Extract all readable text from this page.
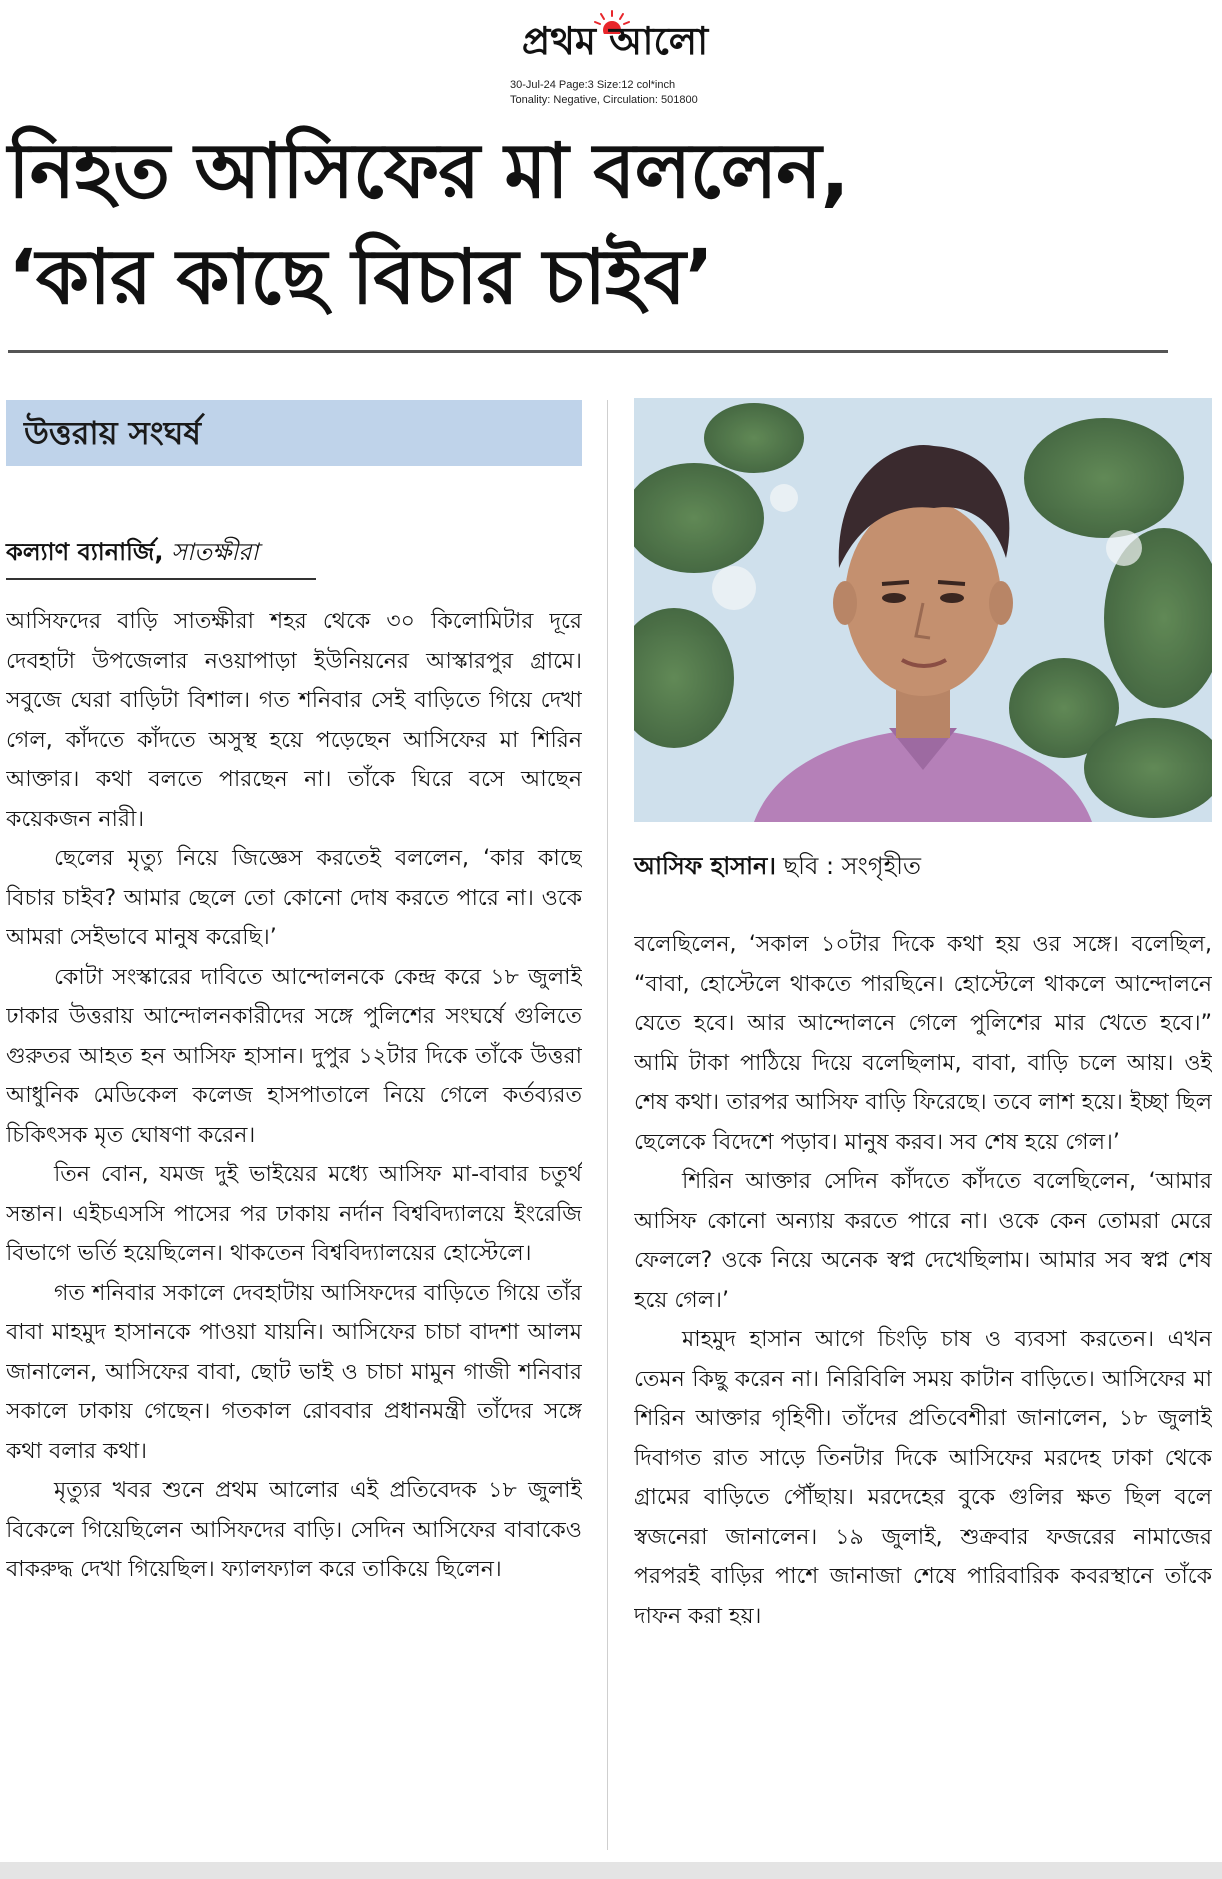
প্রথম আলো
30-Jul-24 Page:3 Size:12 col*inch
Tonality: Negative, Circulation: 501800
নিহত আসিফের মা বললেন,
‘কার কাছে বিচার চাইব’
উত্তরায় সংঘর্ষ
কল্যাণ ব্যানার্জি, সাতক্ষীরা

আসিফদের বাড়ি সাতক্ষীরা শহর থেকে ৩০ কিলোমিটার দূরে দেবহাটা উপজেলার নওয়াপাড়া ইউনিয়নের আস্কারপুর গ্রামে। সবুজে ঘেরা বাড়িটা বিশাল। গত শনিবার সেই বাড়িতে গিয়ে দেখা গেল, কাঁদতে কাঁদতে অসুস্থ হয়ে পড়েছেন আসিফের মা শিরিন আক্তার। কথা বলতে পারছেন না। তাঁকে ঘিরে বসে আছেন কয়েকজন নারী।

ছেলের মৃত্যু নিয়ে জিজ্ঞেস করতেই বললেন, ‘কার কাছে বিচার চাইব? আমার ছেলে তো কোনো দোষ করতে পারে না। ওকে আমরা সেইভাবে মানুষ করেছি।’

কোটা সংস্কারের দাবিতে আন্দোলনকে কেন্দ্র করে ১৮ জুলাই ঢাকার উত্তরায় আন্দোলনকারীদের সঙ্গে পুলিশের সংঘর্ষে গুলিতে গুরুতর আহত হন আসিফ হাসান। দুপুর ১২টার দিকে তাঁকে উত্তরা আধুনিক মেডিকেল কলেজ হাসপাতালে নিয়ে গেলে কর্তব্যরত চিকিৎসক মৃত ঘোষণা করেন।

তিন বোন, যমজ দুই ভাইয়ের মধ্যে আসিফ মা-বাবার চতুর্থ সন্তান। এইচএসসি পাসের পর ঢাকায় নর্দান বিশ্ববিদ্যালয়ে ইংরেজি বিভাগে ভর্তি হয়েছিলেন। থাকতেন বিশ্ববিদ্যালয়ের হোস্টেলে।

গত শনিবার সকালে দেবহাটায় আসিফদের বাড়িতে গিয়ে তাঁর বাবা মাহমুদ হাসানকে পাওয়া যায়নি। আসিফের চাচা বাদশা আলম জানালেন, আসিফের বাবা, ছোট ভাই ও চাচা মামুন গাজী শনিবার সকালে ঢাকায় গেছেন। গতকাল রোববার প্রধানমন্ত্রী তাঁদের সঙ্গে কথা বলার কথা।

মৃত্যুর খবর শুনে প্রথম আলোর এই প্রতিবেদক ১৮ জুলাই বিকেলে গিয়েছিলেন আসিফদের বাড়ি। সেদিন আসিফের বাবাকেও বাকরুদ্ধ দেখা গিয়েছিল। ফ্যালফ্যাল করে তাকিয়ে ছিলেন।

আসিফ হাসান। ছবি : সংগৃহীত

বলেছিলেন, ‘সকাল ১০টার দিকে কথা হয় ওর সঙ্গে। বলেছিল, “বাবা, হোস্টেলে থাকতে পারছিনে। হোস্টেলে থাকলে আন্দোলনে যেতে হবে। আর আন্দোলনে গেলে পুলিশের মার খেতে হবে।” আমি টাকা পাঠিয়ে দিয়ে বলেছিলাম, বাবা, বাড়ি চলে আয়। ওই শেষ কথা। তারপর আসিফ বাড়ি ফিরেছে। তবে লাশ হয়ে। ইচ্ছা ছিল ছেলেকে বিদেশে পড়াব। মানুষ করব। সব শেষ হয়ে গেল।’

শিরিন আক্তার সেদিন কাঁদতে কাঁদতে বলেছিলেন, ‘আমার আসিফ কোনো অন্যায় করতে পারে না। ওকে কেন তোমরা মেরে ফেললে? ওকে নিয়ে অনেক স্বপ্ন দেখেছিলাম। আমার সব স্বপ্ন শেষ হয়ে গেল।’

মাহমুদ হাসান আগে চিংড়ি চাষ ও ব্যবসা করতেন। এখন তেমন কিছু করেন না। নিরিবিলি সময় কাটান বাড়িতে। আসিফের মা শিরিন আক্তার গৃহিণী। তাঁদের প্রতিবেশীরা জানালেন, ১৮ জুলাই দিবাগত রাত সাড়ে তিনটার দিকে আসিফের মরদেহ ঢাকা থেকে গ্রামের বাড়িতে পৌঁছায়। মরদেহের বুকে গুলির ক্ষত ছিল বলে স্বজনেরা জানালেন। ১৯ জুলাই, শুক্রবার ফজরের নামাজের পরপরই বাড়ির পাশে জানাজা শেষে পারিবারিক কবরস্থানে তাঁকে দাফন করা হয়।
